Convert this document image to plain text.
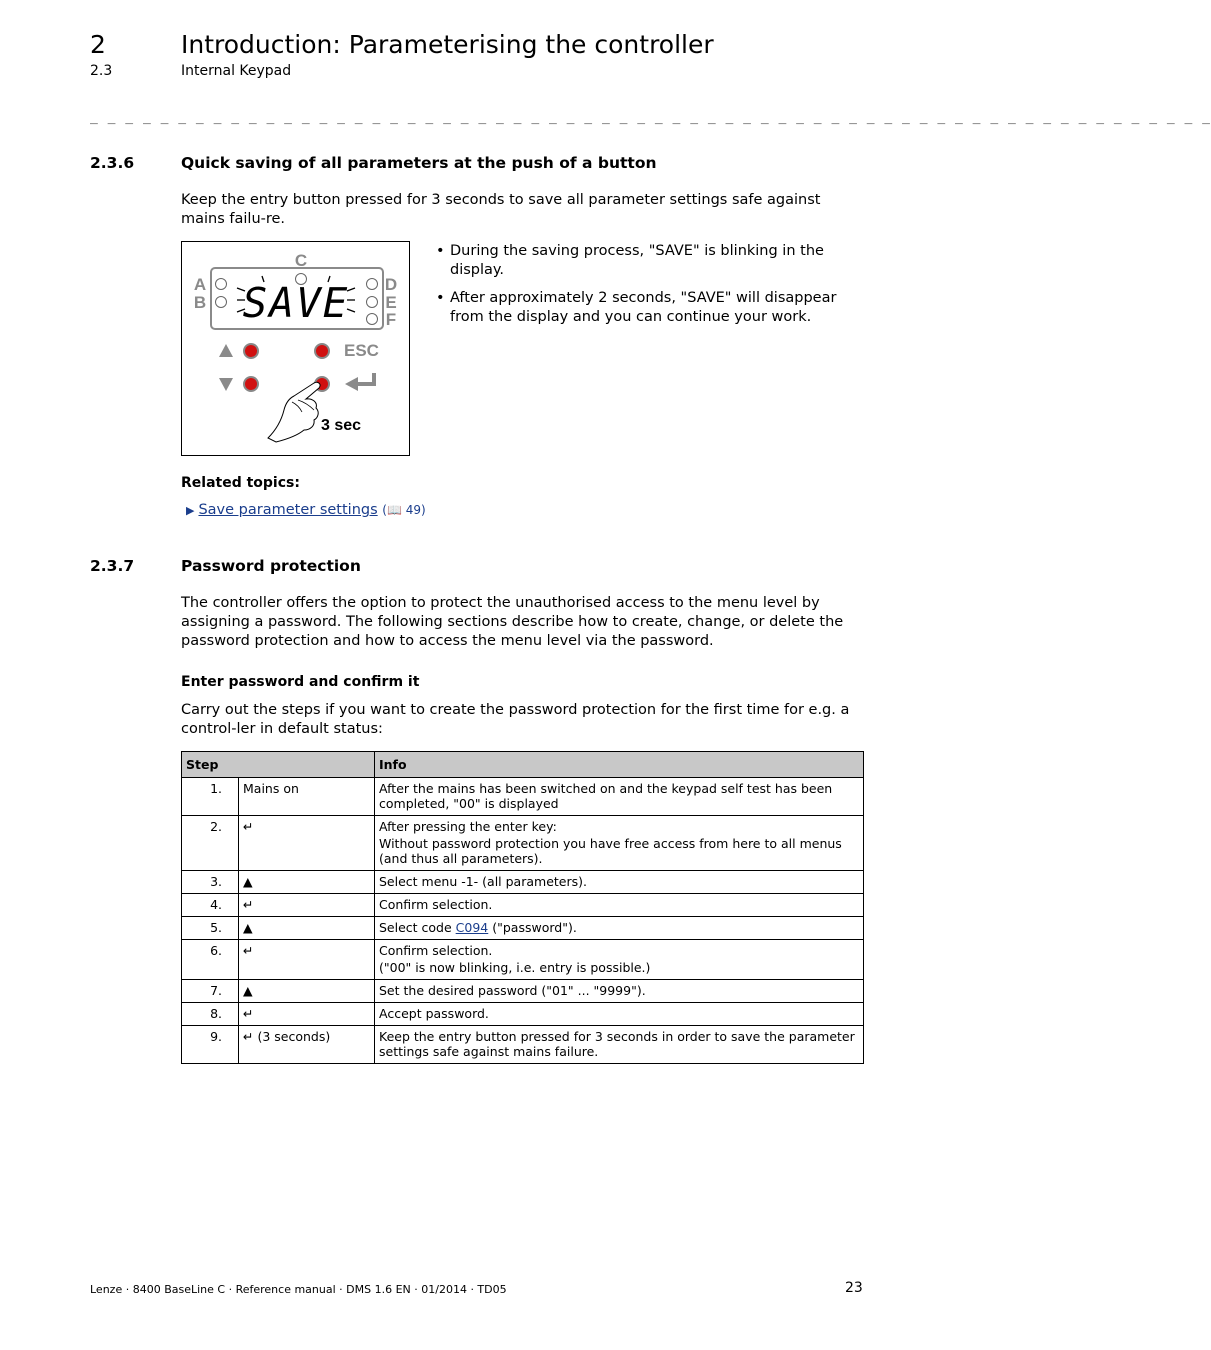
2	Introduction: Parameterising the controller
2.3	Internal Keypad
_ _ _ _ _ _ _ _ _ _ _ _ _ _ _ _ _ _ _ _ _ _ _ _ _ _ _ _ _ _ _ _ _ _ _ _ _ _ _ _ _ _ _ _ _ _ _ _ _ _ _ _ _ _ _ _ _ _ _ _ _ _ _ _
2.3.6	Quick saving of all parameters at the push of a button
Keep the entry button pressed for 3 seconds to save all parameter settings safe against mains failu-re.
C
A
B
D
E
F
SAVE
ESC
3 sec
• During the saving process, "SAVE" is blinking in the display.
• After approximately 2 seconds, "SAVE" will disappear from the display and you can continue your work.
Related topics:
▶ Save parameter settings (📖 49)
2.3.7	Password protection
The controller offers the option to protect the unauthorised access to the menu level by assigning a password. The following sections describe how to create, change, or delete the password protection and how to access the menu level via the password.
Enter password and confirm it
Carry out the steps if you want to create the password protection for the first time for e.g. a control-ler in default status:
Step		Info
1.	Mains on	After the mains has been switched on and the keypad self test has been completed, "00" is displayed
2.	↵	After pressing the enter key:
Without password protection you have free access from here to all menus (and thus all parameters).

3.	▲	Select menu -1- (all parameters).
4.	↵	Confirm selection.
5.	▲	Select code C094 ("password").
6.	↵	Confirm selection.
("00" is now blinking, i.e. entry is possible.)

7.	▲	Set the desired password ("01" ... "9999").
8.	↵	Accept password.
9.	↵ (3 seconds)	Keep the entry button pressed for 3 seconds in order to save the parameter settings safe against mains failure.
Lenze · 8400 BaseLine C · Reference manual · DMS 1.6 EN · 01/2014 · TD05	23
